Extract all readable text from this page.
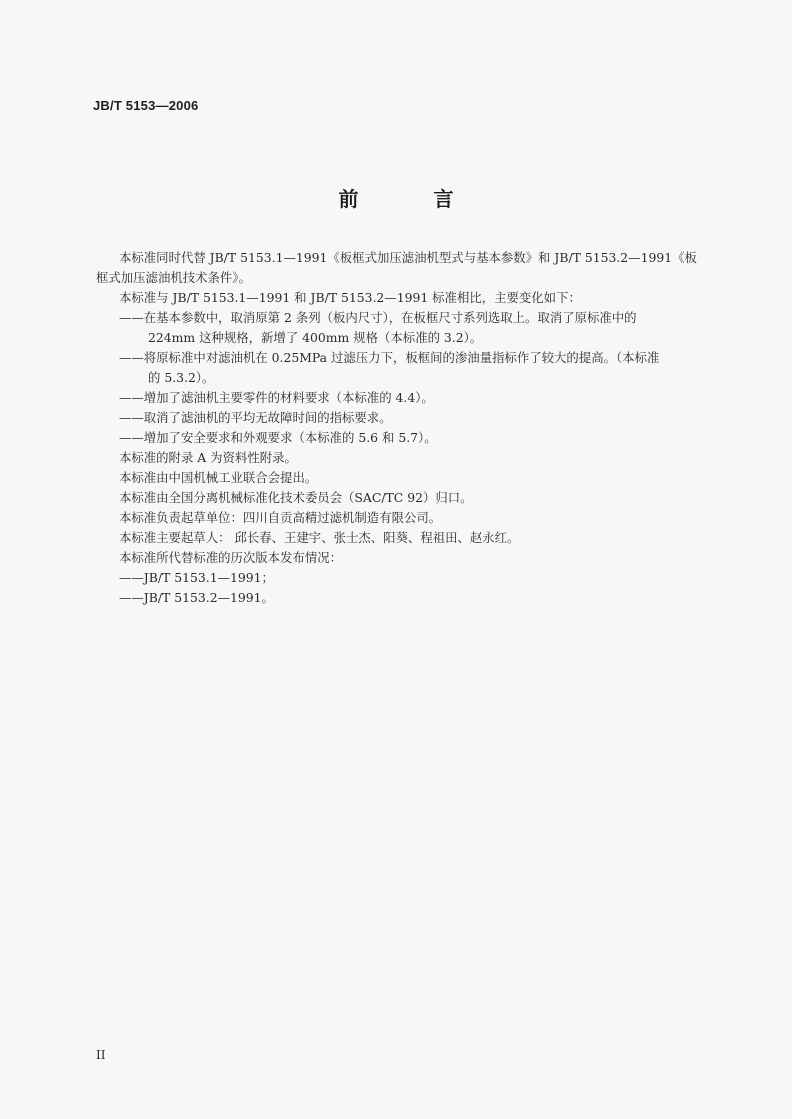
JB/T 5153—2006
前 言

本标准同时代替 JB/T 5153.1—1991《板框式加压滤油机型式与基本参数》和 JB/T 5153.2—1991《板

框式加压滤油机技术条件》。

本标准与 JB/T 5153.1—1991 和 JB/T 5153.2—1991 标准相比，主要变化如下：

——在基本参数中，取消原第 2 条列（板内尺寸），在板框尺寸系列选取上。取消了原标准中的

224mm 这种规格，新增了 400mm 规格（本标准的 3.2）。

——将原标准中对滤油机在 0.25MPa 过滤压力下，板框间的渗油量指标作了较大的提高。（本标准

的 5.3.2）。

——增加了滤油机主要零件的材料要求（本标准的 4.4）。

——取消了滤油机的平均无故障时间的指标要求。

——增加了安全要求和外观要求（本标准的 5.6 和 5.7）。

本标准的附录 A 为资料性附录。

本标准由中国机械工业联合会提出。

本标准由全国分离机械标准化技术委员会（SAC/TC 92）归口。

本标准负责起草单位：四川自贡高精过滤机制造有限公司。

本标准主要起草人： 邱长春、王建宇、张士杰、阳葵、程祖田、赵永红。

本标准所代替标准的历次版本发布情况：

——JB/T 5153.1—1991；

——JB/T 5153.2—1991。

II
